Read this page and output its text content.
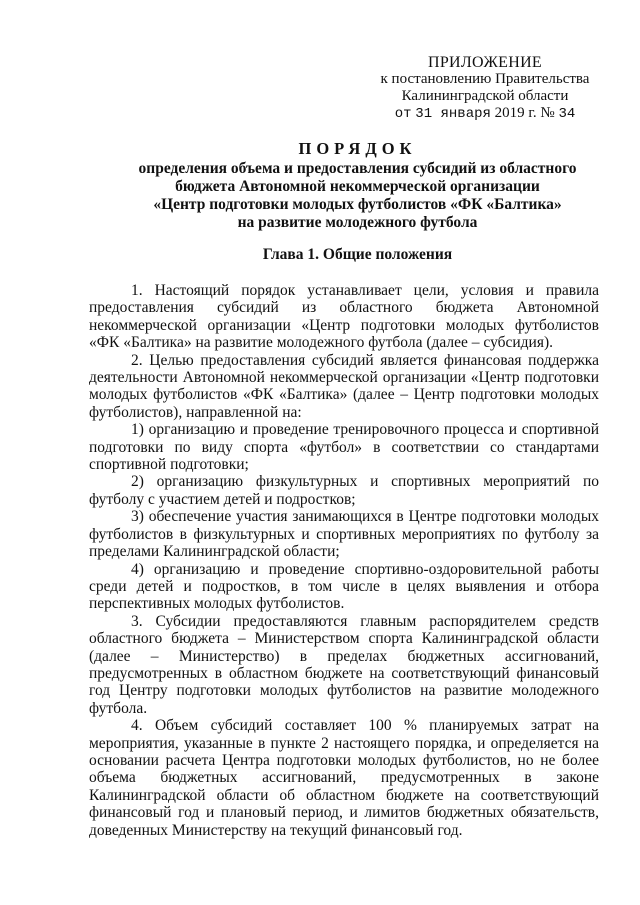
ПРИЛОЖЕНИЕ
к постановлению Правительства
Калининградской области
от 31 января 2019 г. № 34
ПОРЯДОК
определения объема и предоставления субсидий из областного
бюджета Автономной некоммерческой организации
«Центр подготовки молодых футболистов «ФК «Балтика»
на развитие молодежного футбола
Глава 1. Общие положения

1. Настоящий порядок устанавливает цели, условия и правила предоставления субсидий из областного бюджета Автономной некоммерческой организации «Центр подготовки молодых футболистов «ФК «Балтика» на развитие молодежного футбола (далее – субсидия).

2. Целью предоставления субсидий является финансовая поддержка деятельности Автономной некоммерческой организации «Центр подготовки молодых футболистов «ФК «Балтика» (далее – Центр подготовки молодых футболистов), направленной на:

1) организацию и проведение тренировочного процесса и спортивной подготовки по виду спорта «футбол» в соответствии со стандартами спортивной подготовки;

2) организацию физкультурных и спортивных мероприятий по футболу с участием детей и подростков;

3) обеспечение участия занимающихся в Центре подготовки молодых футболистов в физкультурных и спортивных мероприятиях по футболу за пределами Калининградской области;

4) организацию и проведение спортивно-оздоровительной работы среди детей и подростков, в том числе в целях выявления и отбора перспективных молодых футболистов.

3. Субсидии предоставляются главным распорядителем средств областного бюджета – Министерством спорта Калининградской области (далее – Министерство) в пределах бюджетных ассигнований, предусмотренных в областном бюджете на соответствующий финансовый год Центру подготовки молодых футболистов на развитие молодежного футбола.

4. Объем субсидий составляет 100 % планируемых затрат на мероприятия, указанные в пункте 2 настоящего порядка, и определяется на основании расчета Центра подготовки молодых футболистов, но не более объема бюджетных ассигнований, предусмотренных в законе Калининградской области об областном бюджете на соответствующий финансовый год и плановый период, и лимитов бюджетных обязательств, доведенных Министерству на текущий финансовый год.
